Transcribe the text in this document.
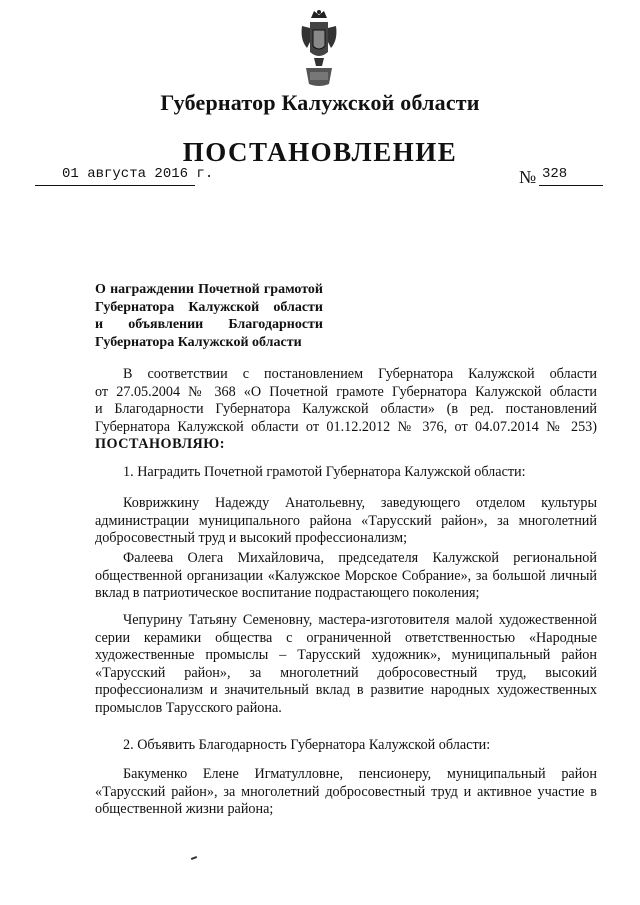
Губернатор Калужской области
ПОСТАНОВЛЕНИЕ
01 августа 2016 г.	№ 328
О награждении Почетной грамотой
Губернатора Калужской области
и объявлении Благодарности
Губернатора Калужской области
В соответствии с постановлением Губернатора Калужской области
от 27.05.2004 № 368 «О Почетной грамоте Губернатора Калужской области
и Благодарности Губернатора Калужской области» (в ред. постановлений
Губернатора Калужской области от 01.12.2012 № 376, от 04.07.2014 № 253)
ПОСТАНОВЛЯЮ:
1. Наградить Почетной грамотой Губернатора Калужской области:
Коврижкину Надежду Анатольевну, заведующего отделом культуры
администрации муниципального района «Тарусский район», за многолетний
добросовестный труд и высокий профессионализм;
Фалеева Олега Михайловича, председателя Калужской региональной
общественной организации «Калужское Морское Собрание», за большой личный
вклад в патриотическое воспитание подрастающего поколения;
Чепурину Татьяну Семеновну, мастера-изготовителя малой художественной
серии керамики общества с ограниченной ответственностью «Народные
художественные промыслы – Тарусский художник», муниципальный район
«Тарусский район», за многолетний добросовестный труд, высокий
профессионализм и значительный вклад в развитие народных художественных
промыслов Тарусского района.
2. Объявить Благодарность Губернатора Калужской области:
Бакуменко Елене Игматулловне, пенсионеру, муниципальный район
«Тарусский район», за многолетний добросовестный труд и активное участие в
общественной жизни района;
